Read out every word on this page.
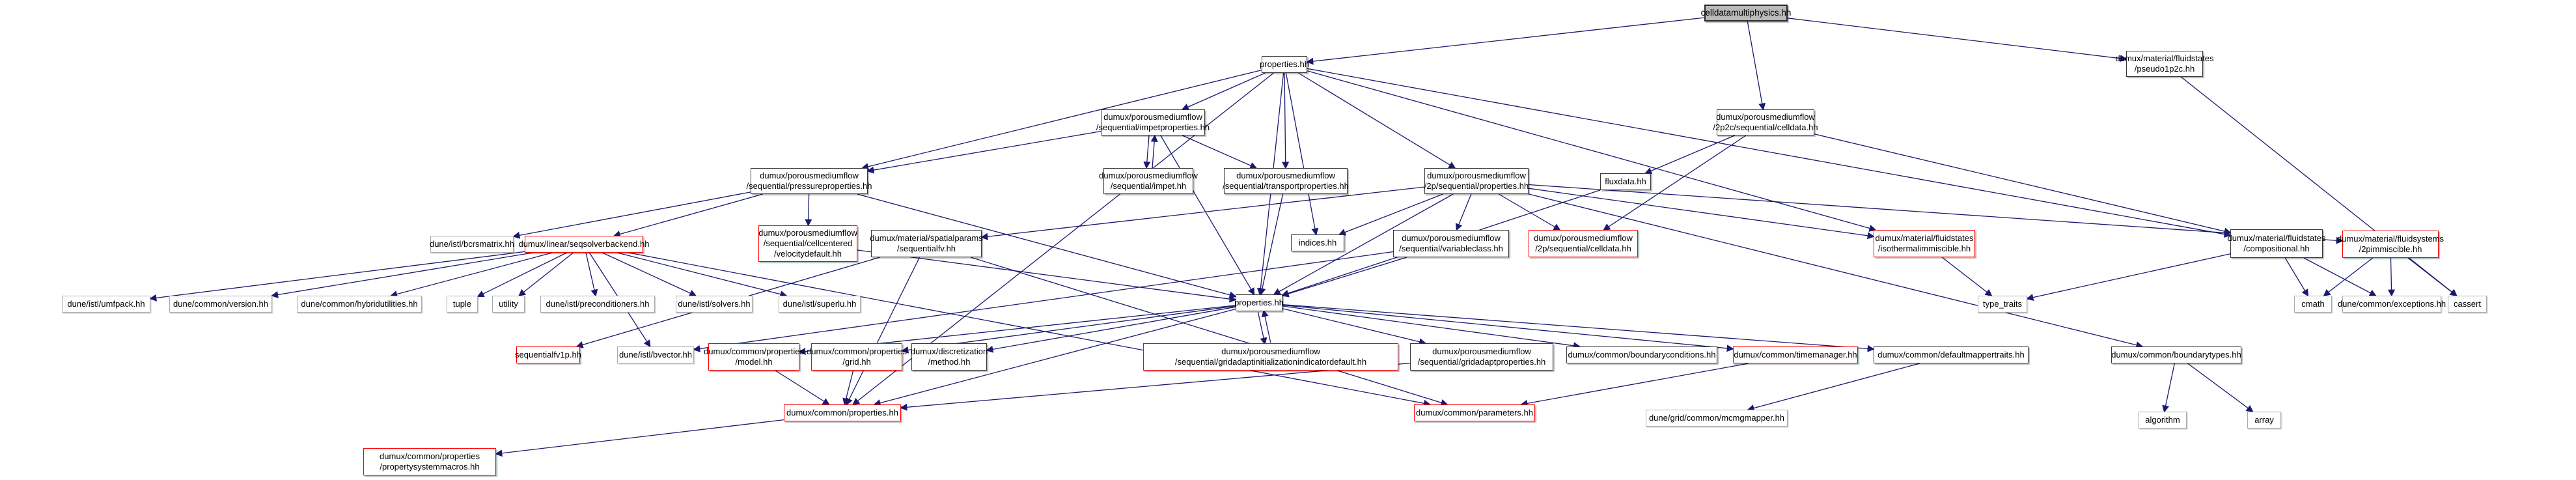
celldatamultiphysics.hh
properties.hh
dumux/material/fluidstates
/pseudo1p2c.hh
dumux/porousmediumflow
/sequential/impetproperties.hh
dumux/porousmediumflow
/2p2c/sequential/celldata.hh
dumux/porousmediumflow
/sequential/pressureproperties.hh
dumux/porousmediumflow
/sequential/impet.hh
dumux/porousmediumflow
/sequential/transportproperties.hh
dumux/porousmediumflow
/2p/sequential/properties.hh	fluxdata.hh
dune/istl/bcrsmatrix.hh dumux/linear/seqsolverbackend.hh
dumux/porousmediumflow
/sequential/cellcentered
/velocitydefault.hh
dumux/material/spatialparams
/sequentialfv.hh
indices.hh	dumux/porousmediumflow
/sequential/variableclass.hh
dumux/porousmediumflow
/2p/sequential/celldata.hh
dumux/material/fluidstates
/isothermalimmiscible.hh
dumux/material/fluidstates
/compositional.hh
dumux/material/fluidsystems
/2pimmiscible.hh
dune/istl/umfpack.hh	dune/common/version.hh	dune/common/hybridutilities.hh	tuple	utility	dune/istl/preconditioners.hh	dune/istl/solvers.hh	dune/istl/superlu.hh	properties.hh	type_traits	cmath dune/common/exceptions.hh cassert
sequentialfv1p.hh	dune/istl/bvector.hh dumux/common/properties
/model.hh
dumux/common/properties
/grid.hh
dumux/discretization
/method.hh
dumux/porousmediumflow
/sequential/gridadaptinitializationindicatordefault.hh
dumux/porousmediumflow
/sequential/gridadaptproperties.hh
dumux/common/boundaryconditions.hh dumux/common/timemanager.hh dumux/common/defaultmappertraits.hh	dumux/common/boundarytypes.hh
dumux/common/properties.hh	dumux/common/parameters.hh
dune/grid/common/mcmgmapper.hh	algorithm	array
dumux/common/properties
/propertysystemmacros.hh
